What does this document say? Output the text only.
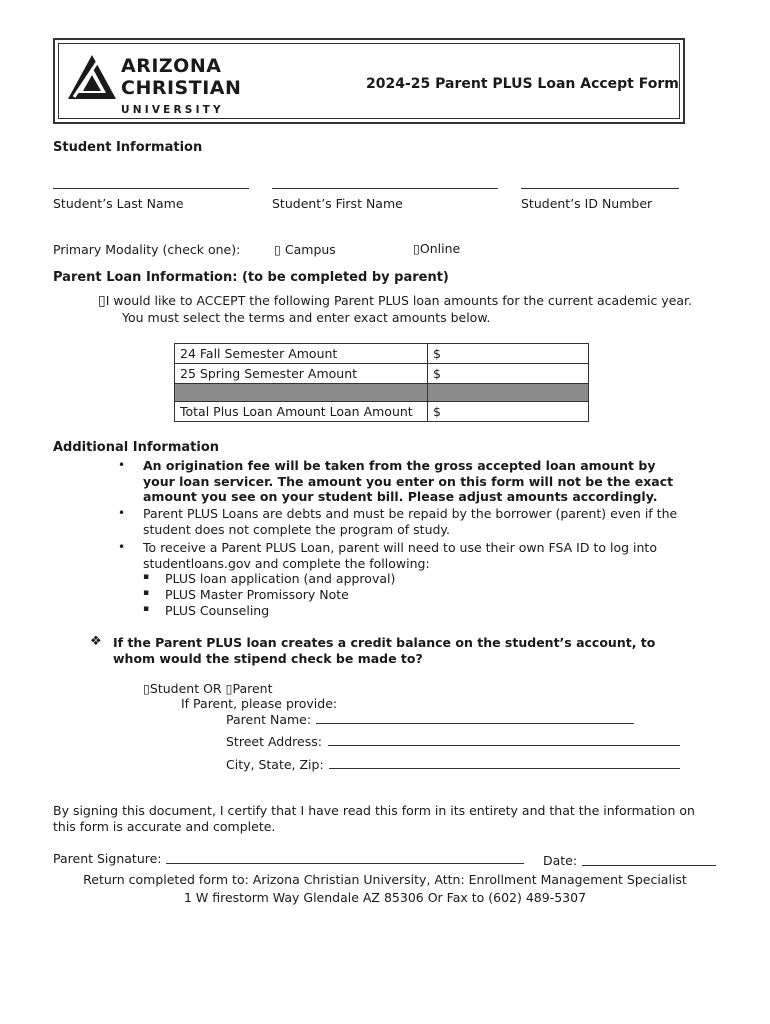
ARIZONA
CHRISTIAN
UNIVERSITY
2024-25 Parent PLUS Loan Accept Form
Student Information
Student’s Last Name	Student’s First Name	Student’s ID Number
Primary Modality (check one):	▯ Campus	▯Online
Parent Loan Information: (to be completed by parent)
▯I would like to ACCEPT the following Parent PLUS loan amounts for the current academic year.
You must select the terms and enter exact amounts below.
24 Fall Semester Amount	$
25 Spring Semester Amount	$

Total Plus Loan Amount Loan Amount	$
Additional Information
• An origination fee will be taken from the gross accepted loan amount by your loan servicer. The amount you enter on this form will not be the exact amount you see on your student bill. Please adjust amounts accordingly.
• Parent PLUS Loans are debts and must be repaid by the borrower (parent) even if the student does not complete the program of study.
• To receive a Parent PLUS Loan, parent will need to use their own FSA ID to log into studentloans.gov and complete the following:
▪ PLUS loan application (and approval)
▪ PLUS Master Promissory Note
▪ PLUS Counseling
❖ If the Parent PLUS loan creates a credit balance on the student’s account, to whom would the stipend check be made to?
▯Student OR ▯Parent
If Parent, please provide:
Parent Name:
Street Address:
City, State, Zip:
By signing this document, I certify that I have read this form in its entirety and that the information on this form is accurate and complete.
Parent Signature:	Date:
Return completed form to: Arizona Christian University, Attn: Enrollment Management Specialist
1 W firestorm Way Glendale AZ 85306 Or Fax to (602) 489-5307
